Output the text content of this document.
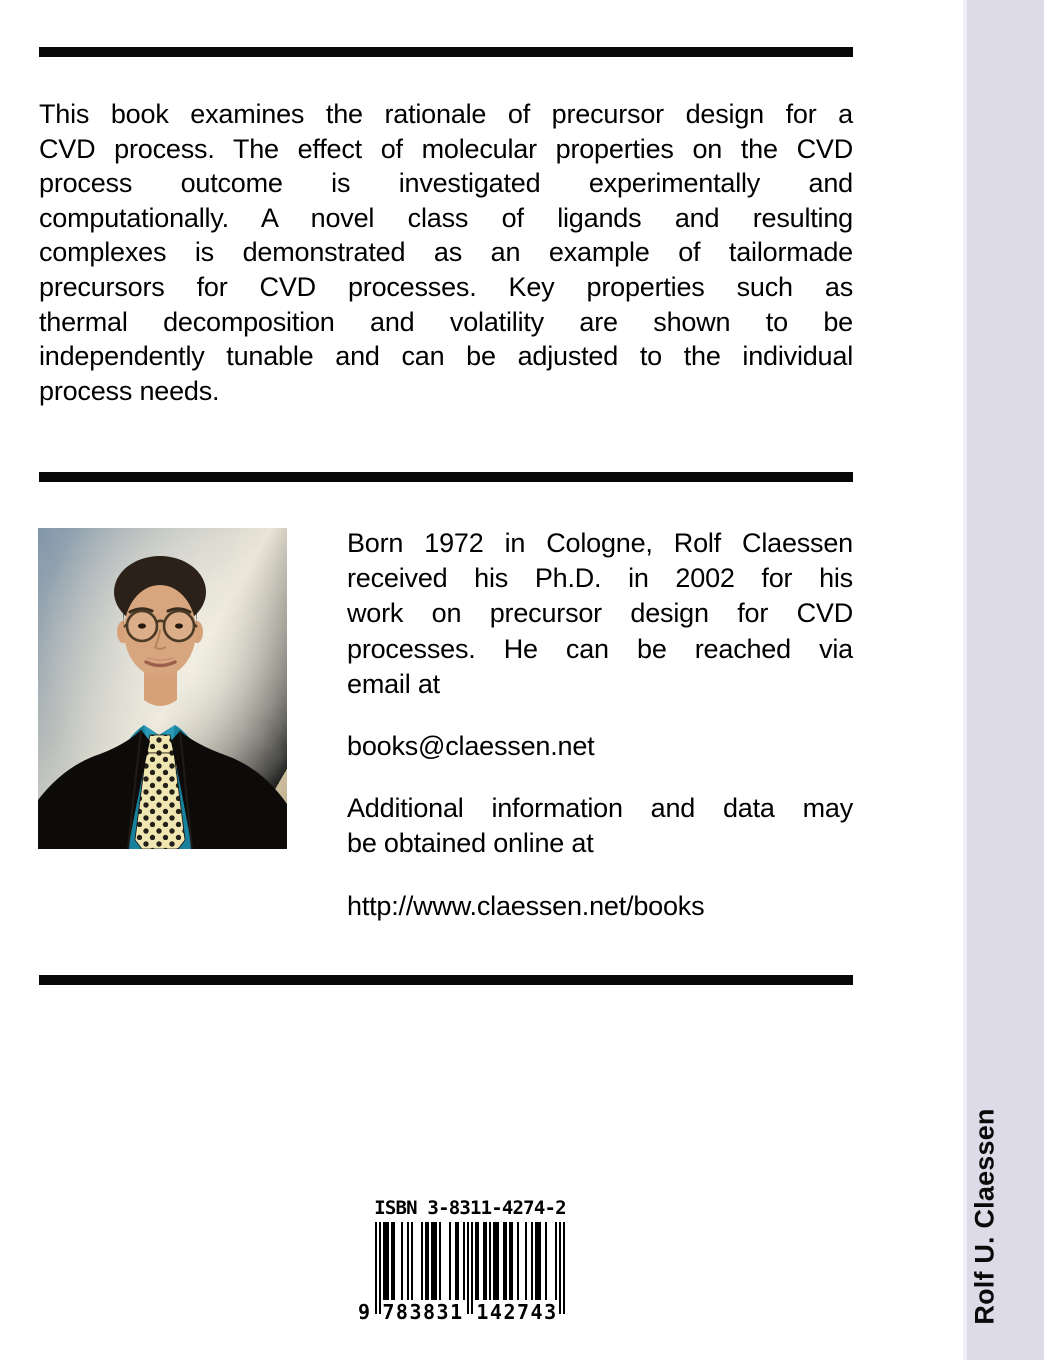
This book examines the rationale of precursor design for a
CVD process. The effect of molecular properties on the CVD
process outcome is investigated experimentally and
computationally. A novel class of ligands and resulting
complexes is demonstrated as an example of tailormade
precursors for CVD processes. Key properties such as
thermal decomposition and volatility are shown to be
independently tunable and can be adjusted to the individual
process needs.
Born 1972 in Cologne, Rolf Claessen
received his Ph.D. in 2002 for his
work on precursor design for CVD
processes. He can be reached via
email at
books@claessen.net
Additional information and data may
be obtained online at
http://www.claessen.net/books
ISBN 3-8311-4274-2
9 783831 142743	Rolf U. Claessen
